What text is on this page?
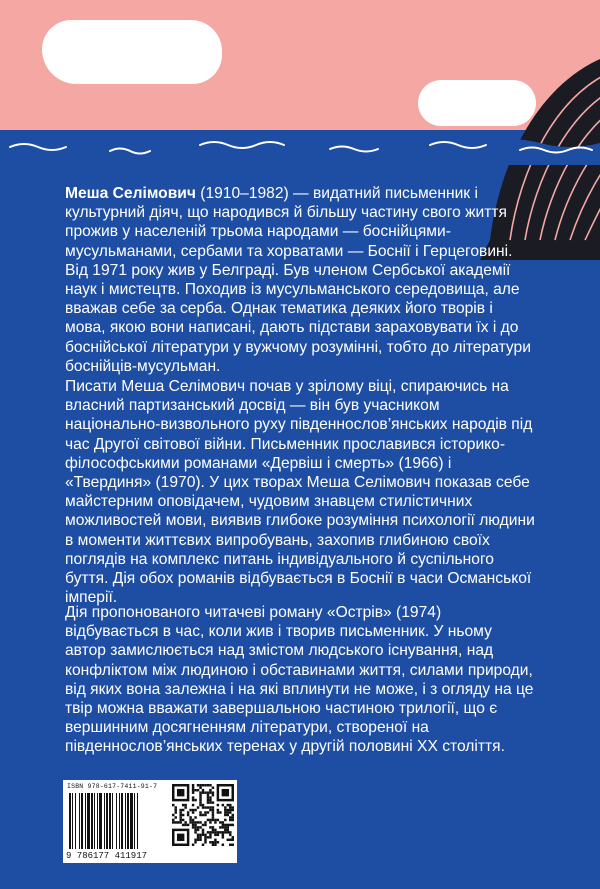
Меша Селімович (1910–1982) — видатний письменник і культурний діяч, що народився й більшу частину свого життя прожив у населеній трьома народами — боснійцями-мусульманами, сербами та хорватами — Боснії і Герцеговині. Від 1971 року жив у Белграді. Був членом Сербської академії наук і мистецтв. Походив із мусульманського середовища, але вважав себе за серба. Однак тематика деяких його творів і мова, якою вони написані, дають підстави зараховувати їх і до боснійської літератури у вужчому розумінні, тобто до літератури боснійців-мусульман.

Писати Меша Селімович почав у зрілому віці, спираючись на власний партизанський досвід — він був учасником національно-визвольного руху південнослов’янських народів під час Другої світової війни. Письменник прославився історико-філософськими романами «Дервіш і смерть» (1966) і «Твердиня» (1970). У цих творах Меша Селімович показав себе майстерним оповідачем, чудовим знавцем стилістичних можливостей мови, виявив глибоке розуміння психології людини в моменти життєвих випробувань, захопив глибиною своїх поглядів на комплекс питань індивідуального й суспільного буття. Дія обох романів відбувається в Боснії в часи Османської імперії.

Дія пропонованого читачеві роману «Острів» (1974) відбувається в час, коли жив і творив письменник. У ньому автор замислюється над змістом людського існування, над конфліктом між людиною і обставинами життя, силами природи, від яких вона залежна і на які вплинути не може, і з огляду на це твір можна вважати завершальною частиною трилогії, що є вершинним досягненням літератури, створеної на південнослов’янських теренах у другій половині XX століття.

ISBN 978-617-7411-91-7
9 786177 411917
